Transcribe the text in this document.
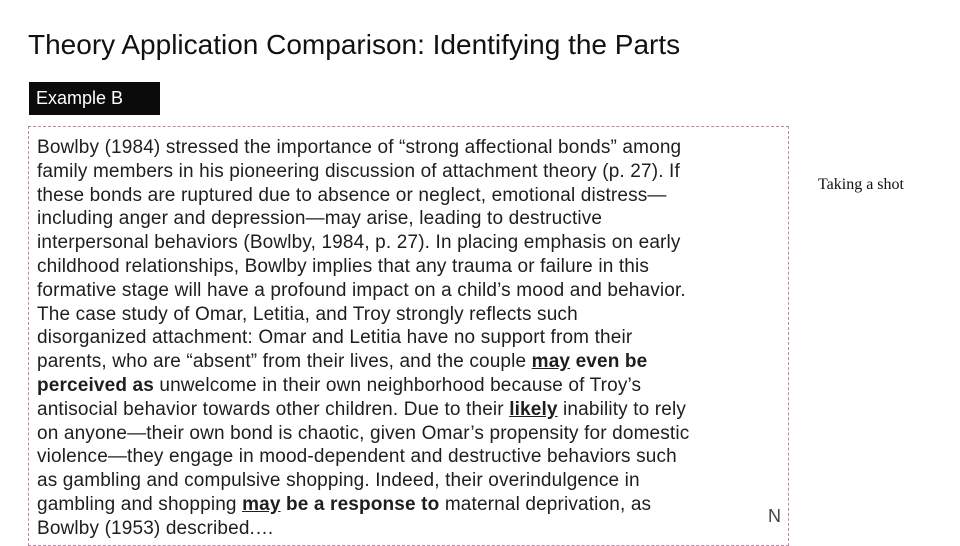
Theory Application Comparison: Identifying the Parts
Example B
Bowlby (1984) stressed the importance of “strong affectional bonds” among
family members in his pioneering discussion of attachment theory (p. 27). If
these bonds are ruptured due to absence or neglect, emotional distress—
including anger and depression—may arise, leading to destructive
interpersonal behaviors (Bowlby, 1984, p. 27). In placing emphasis on early
childhood relationships, Bowlby implies that any trauma or failure in this
formative stage will have a profound impact on a child’s mood and behavior.
The case study of Omar, Letitia, and Troy strongly reflects such
disorganized attachment: Omar and Letitia have no support from their
parents, who are “absent” from their lives, and the couple may even be
perceived as unwelcome in their own neighborhood because of Troy’s
antisocial behavior towards other children. Due to their likely inability to rely
on anyone—their own bond is chaotic, given Omar’s propensity for domestic
violence—they engage in mood-dependent and destructive behaviors such
as gambling and compulsive shopping. Indeed, their overindulgence in
gambling and shopping may be a response to maternal deprivation, as
Bowlby (1953) described.…
N
Taking a shot
